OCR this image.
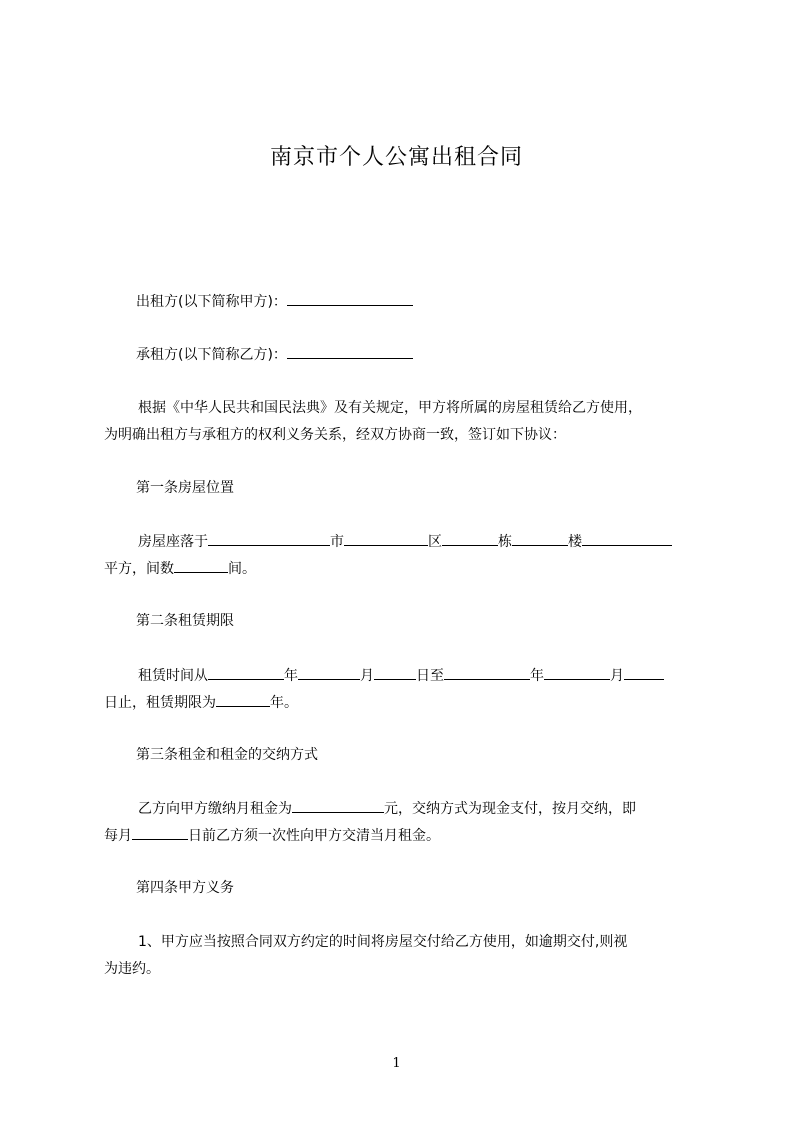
南京市个人公寓出租合同
出租方(以下简称甲方)：
承租方(以下简称乙方)：
根据《中华人民共和国民法典》及有关规定，甲方将所属的房屋租赁给乙方使用，
为明确出租方与承租方的权利义务关系，经双方协商一致，签订如下协议：
第一条房屋位置
房屋座落于	市	区	栋	楼
平方，间数	间。
第二条租赁期限
租赁时间从	年	月	日至	年	月
日止，租赁期限为	年。
第三条租金和租金的交纳方式
乙方向甲方缴纳月租金为	元，交纳方式为现金支付，按月交纳，即
每月	日前乙方须一次性向甲方交清当月租金。
第四条甲方义务
1、甲方应当按照合同双方约定的时间将房屋交付给乙方使用，如逾期交付,则视
为违约。
1
